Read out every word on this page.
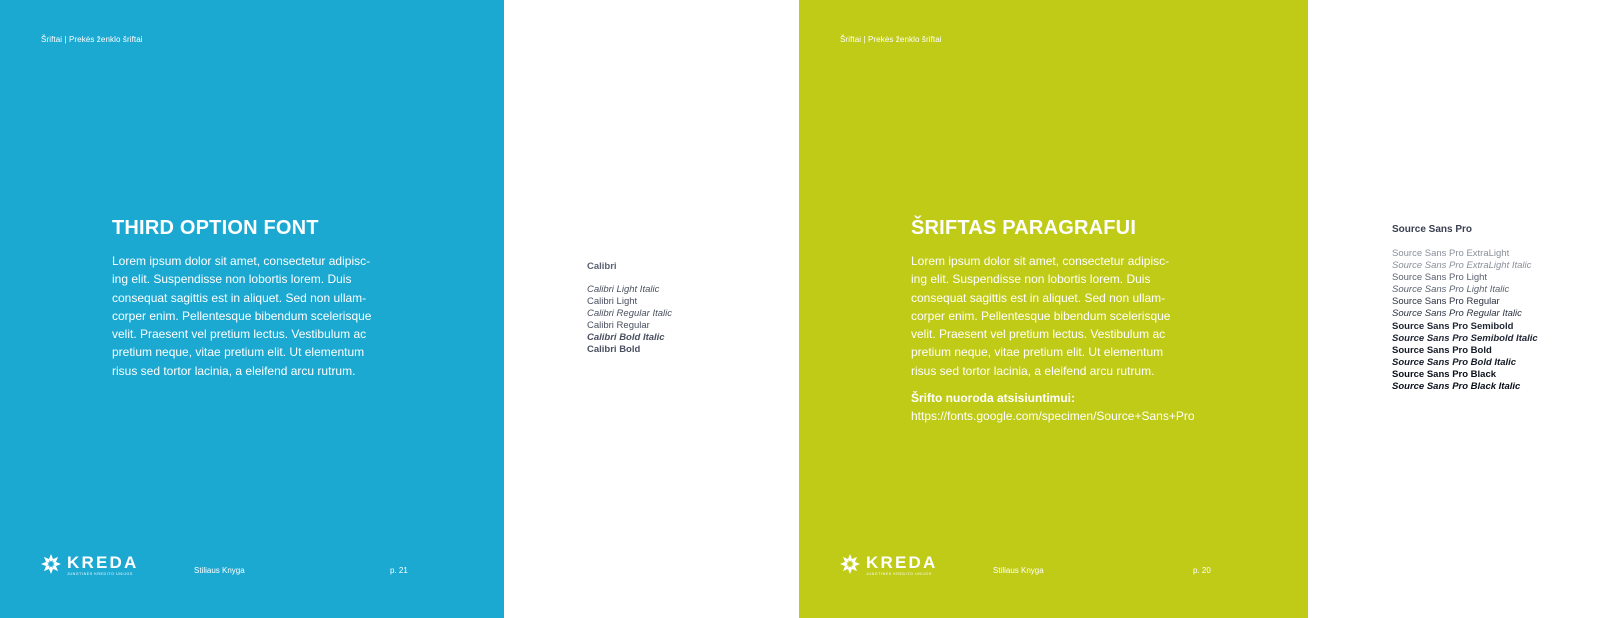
Šriftai | Prekės ženklo šriftai
THIRD OPTION FONT
Lorem ipsum dolor sit amet, consectetur adipisc-
ing elit. Suspendisse non lobortis lorem. Duis
consequat sagittis est in aliquet. Sed non ullam-
corper enim. Pellentesque bibendum scelerisque
velit. Praesent vel pretium lectus. Vestibulum ac
pretium neque, vitae pretium elit. Ut elementum
risus sed tortor lacinia, a eleifend arcu rutrum.
KREDA
JUNGTINĖS KREDITO UNIJOS	Stiliaus Knyga	p. 21
Calibri
Calibri Light Italic
Calibri Light
Calibri Regular Italic
Calibri Regular
Calibri Bold Italic
Calibri Bold
Šriftai | Prekės ženklo šriftai
ŠRIFTAS PARAGRAFUI
Lorem ipsum dolor sit amet, consectetur adipisc-
ing elit. Suspendisse non lobortis lorem. Duis
consequat sagittis est in aliquet. Sed non ullam-
corper enim. Pellentesque bibendum scelerisque
velit. Praesent vel pretium lectus. Vestibulum ac
pretium neque, vitae pretium elit. Ut elementum
risus sed tortor lacinia, a eleifend arcu rutrum.
Šrifto nuoroda atsisiuntimui:
https://fonts.google.com/specimen/Source+Sans+Pro
KREDA
JUNGTINĖS KREDITO UNIJOS	Stiliaus Knyga	p. 20
Source Sans Pro
Source Sans Pro ExtraLight
Source Sans Pro ExtraLight Italic
Source Sans Pro Light
Source Sans Pro Light Italic
Source Sans Pro Regular
Source Sans Pro Regular Italic
Source Sans Pro Semibold
Source Sans Pro Semibold Italic
Source Sans Pro Bold
Source Sans Pro Bold Italic
Source Sans Pro Black
Source Sans Pro Black Italic
